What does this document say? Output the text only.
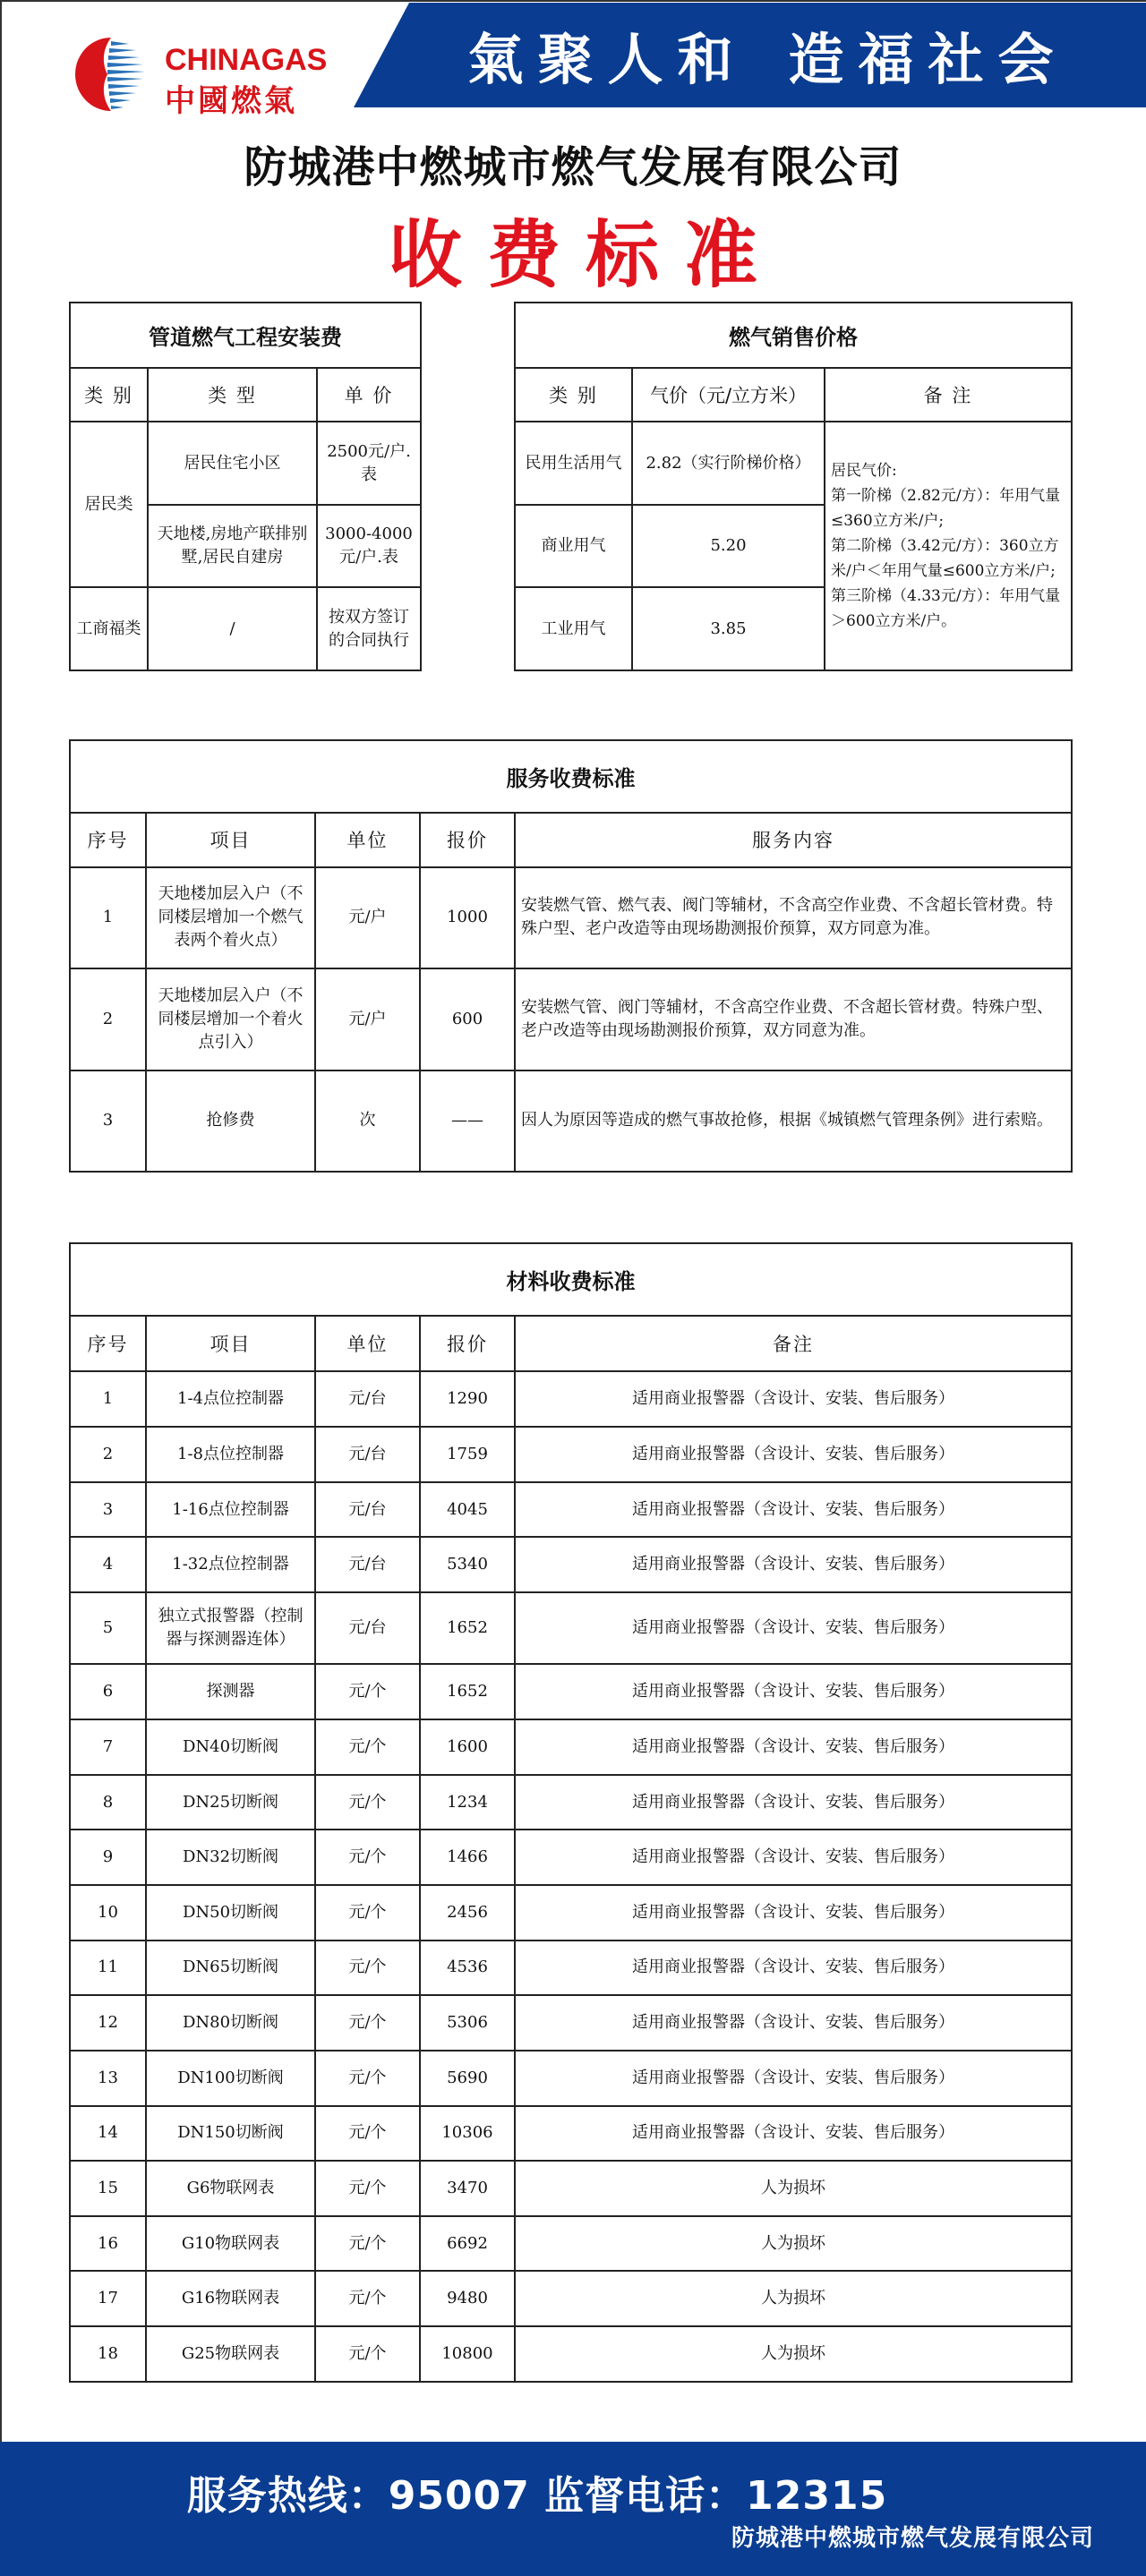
氣聚人和 造福社会
CHINAGAS
中國燃氣
防城港中燃城市燃气发展有限公司
收费标准
管道燃气工程安装费		
类 别	类 型	单 价
居民类	居民住宅小区	2500元/户.表
	天地楼,房地产联排别墅,居民自建房	3000-4000元/户.表
工商福类	/	按双方签订的合同执行
燃气销售价格		
类 别	气价（元/立方米）	备 注
民用生活用气	2.82（实行阶梯价格）	居民气价:
第一阶梯（2.82元/方）：年用气量≤360立方米/户;
第二阶梯（3.42元/方）：360立方米/户＜年用气量≤600立方米/户;
第三阶梯（4.33元/方）：年用气量＞600立方米/户。

商业用气	5.20	
工业用气	3.85	
服务收费标准				
序号	项目	单位	报价	服务内容
1	天地楼加层入户（不同楼层增加一个燃气表两个着火点）	元/户	1000	安装燃气管、燃气表、阀门等辅材，不含高空作业费、不含超长管材费。特殊户型、老户改造等由现场勘测报价预算，双方同意为准。
2	天地楼加层入户（不同楼层增加一个着火点引入）	元/户	600	安装燃气管、阀门等辅材，不含高空作业费、不含超长管材费。特殊户型、老户改造等由现场勘测报价预算，双方同意为准。
3	抢修费	次	——	因人为原因等造成的燃气事故抢修，根据《城镇燃气管理条例》进行索赔。
材料收费标准				
序号	项目	单位	报价	备注
1	1-4点位控制器	元/台	1290	适用商业报警器（含设计、安装、售后服务）
2	1-8点位控制器	元/台	1759	适用商业报警器（含设计、安装、售后服务）
3	1-16点位控制器	元/台	4045	适用商业报警器（含设计、安装、售后服务）
4	1-32点位控制器	元/台	5340	适用商业报警器（含设计、安装、售后服务）
5	独立式报警器（控制器与探测器连体）	元/台	1652	适用商业报警器（含设计、安装、售后服务）
6	探测器	元/个	1652	适用商业报警器（含设计、安装、售后服务）
7	DN40切断阀	元/个	1600	适用商业报警器（含设计、安装、售后服务）
8	DN25切断阀	元/个	1234	适用商业报警器（含设计、安装、售后服务）
9	DN32切断阀	元/个	1466	适用商业报警器（含设计、安装、售后服务）
10	DN50切断阀	元/个	2456	适用商业报警器（含设计、安装、售后服务）
11	DN65切断阀	元/个	4536	适用商业报警器（含设计、安装、售后服务）
12	DN80切断阀	元/个	5306	适用商业报警器（含设计、安装、售后服务）
13	DN100切断阀	元/个	5690	适用商业报警器（含设计、安装、售后服务）
14	DN150切断阀	元/个	10306	适用商业报警器（含设计、安装、售后服务）
15	G6物联网表	元/个	3470	人为损坏
16	G10物联网表	元/个	6692	人为损坏
17	G16物联网表	元/个	9480	人为损坏
18	G25物联网表	元/个	10800	人为损坏
服务热线：95007 监督电话：12315
防城港中燃城市燃气发展有限公司
